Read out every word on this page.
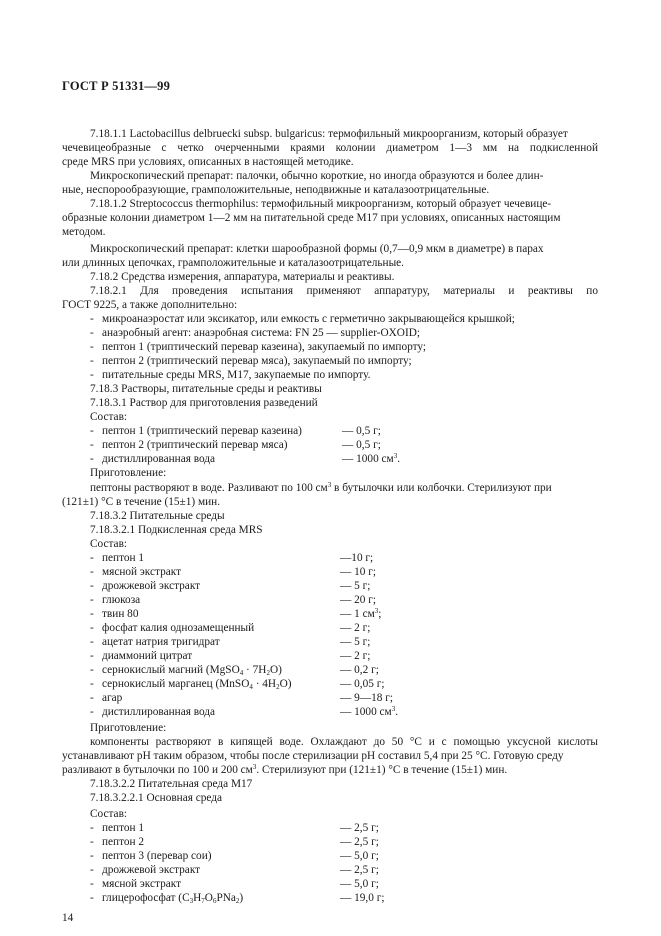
ГОСТ Р 51331—99
7.18.1.1 Lactobacillus delbruecki subsp. bulgaricus: термофильный микроорганизм, который образует
чечевицеобразные с четко очерченными краями колонии диаметром 1—3 мм на подкисленной
среде MRS при условиях, описанных в настоящей методике.
Микроскопический препарат: палочки, обычно короткие, но иногда образуются и более длин-
ные, неспорообразующие, грамположительные, неподвижные и каталазоотрицательные.
7.18.1.2 Streptococcus thermophilus: термофильный микроорганизм, который образует чечевице-
образные колонии диаметром 1—2 мм на питательной среде M17 при условиях, описанных настоящим
методом.
Микроскопический препарат: клетки шарообразной формы (0,7—0,9 мкм в диаметре) в парах
или длинных цепочках, грамположительные и каталазоотрицательные.
7.18.2 Средства измерения, аппаратура, материалы и реактивы.
7.18.2.1 Для проведения испытания применяют аппаратуру, материалы и реактивы по
ГОСТ 9225, а также дополнительно:
- микроанаэростат или эксикатор, или емкость с герметично закрывающейся крышкой;
- анаэробный агент: анаэробная система: FN 25 — supplier-OXOID;
- пептон 1 (триптический перевар казеина), закупаемый по импорту;
- пептон 2 (триптический перевар мяса), закупаемый по импорту;
- питательные среды MRS, M17, закупаемые по импорту.
7.18.3 Растворы, питательные среды и реактивы
7.18.3.1 Раствор для приготовления разведений
Состав:
- пептон 1 (триптический перевар казеина)	— 0,5 г;
- пептон 2 (триптический перевар мяса)	— 0,5 г;
- дистиллированная вода	— 1000 $см^3$.
Приготовление:
пептоны растворяют в воде. Разливают по 100 $см^3$ в бутылочки или колбочки. Стерилизуют при
(121±1) °С в течение (15±1) мин.
7.18.3.2 Питательные среды
7.18.3.2.1 Подкисленная среда MRS
Состав:
- пептон 1	—10 г;
- мясной экстракт	— 10 г;
- дрожжевой экстракт	— 5 г;
- глюкоза	— 20 г;
- твин 80	— 1 $см^3$;
- фосфат калия однозамещенный	— 2 г;
- ацетат натрия тригидрат	— 5 г;
- диаммоний цитрат	— 2 г;
- сернокислый магний (MgSO$_4$ · $7H_2O$)	— 0,2 г;
- сернокислый марганец (MnSO$_4$ · $4H_2O$)	— 0,05 г;
- агар	— 9—18 г;
- дистиллированная вода	— 1000 $см^3$.
Приготовление:
компоненты растворяют в кипящей воде. Охлаждают до 50 °С и с помощью уксусной кислоты
устанавливают pH таким образом, чтобы после стерилизации pH составил 5,4 при 25 °С. Готовую среду
разливают в бутылочки по 100 и 200 $см^3$. Стерилизуют при (121±1) °С в течение (15±1) мин.
7.18.3.2.2 Питательная среда M17
7.18.3.2.2.1 Основная среда
Состав:
- пептон 1	— 2,5 г;
- пептон 2	— 2,5 г;
- пептон 3 (перевар сои)	— 5,0 г;
- дрожжевой экстракт	— 2,5 г;
- мясной экстракт	— 5,0 г;
- глицерофосфат $(C_3H_7O_6PNa_2)$	— 19,0 г;
14
